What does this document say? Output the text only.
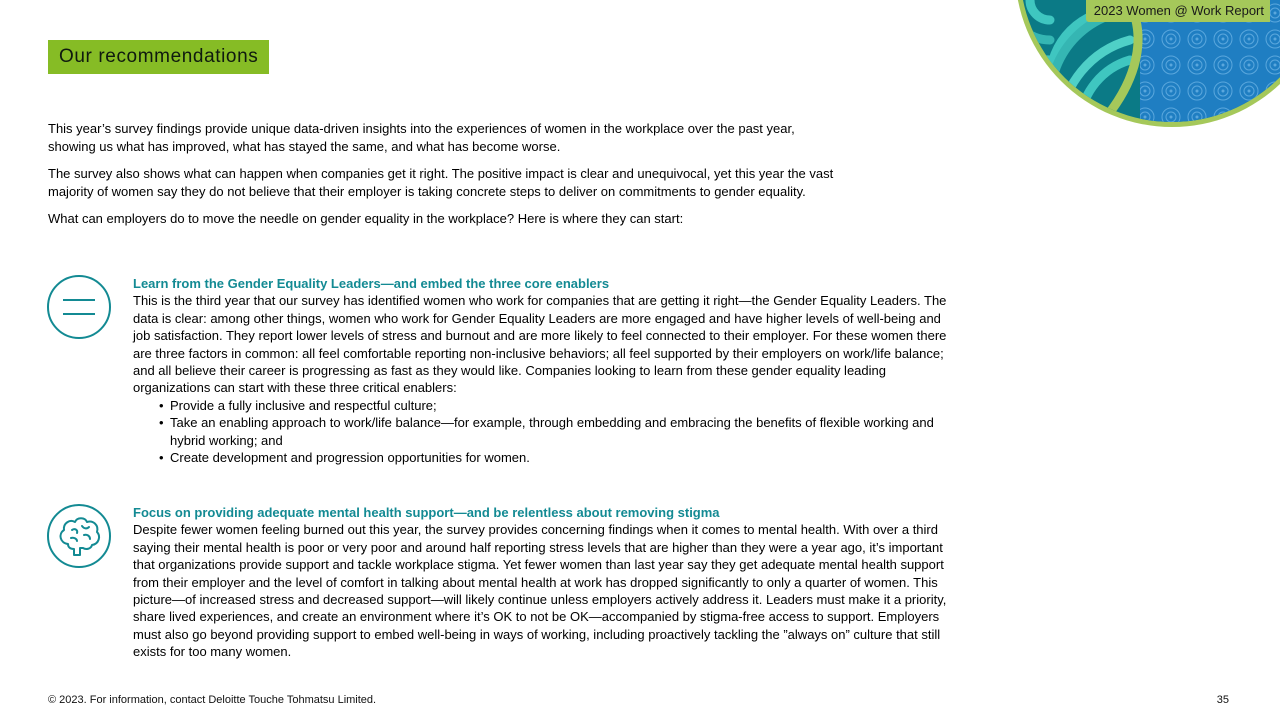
2023 Women @ Work Report
Our recommendations

This year’s survey findings provide unique data-driven insights into the experiences of women in the workplace over the past year, showing us what has improved, what has stayed the same, and what has become worse.

The survey also shows what can happen when companies get it right. The positive impact is clear and unequivocal, yet this year the vast majority of women say they do not believe that their employer is taking concrete steps to deliver on commitments to gender equality.

What can employers do to move the needle on gender equality in the workplace? Here is where they can start:

Learn from the Gender Equality Leaders—and embed the three core enablers

This is the third year that our survey has identified women who work for companies that are getting it right—the Gender Equality Leaders. The data is clear: among other things, women who work for Gender Equality Leaders are more engaged and have higher levels of well-being and job satisfaction. They report lower levels of stress and burnout and are more likely to feel connected to their employer. For these women there are three factors in common: all feel comfortable reporting non-inclusive behaviors; all feel supported by their employers on work/life balance; and all believe their career is progressing as fast as they would like. Companies looking to learn from these gender equality leading organizations can start with these three critical enablers:

• Provide a fully inclusive and respectful culture;
• Take an enabling approach to work/life balance—for example, through embedding and embracing the benefits of flexible working and hybrid working; and
• Create development and progression opportunities for women.
Focus on providing adequate mental health support—and be relentless about removing stigma

Despite fewer women feeling burned out this year, the survey provides concerning findings when it comes to mental health. With over a third saying their mental health is poor or very poor and around half reporting stress levels that are higher than they were a year ago, it’s important that organizations provide support and tackle workplace stigma. Yet fewer women than last year say they get adequate mental health support from their employer and the level of comfort in talking about mental health at work has dropped significantly to only a quarter of women. This picture—of increased stress and decreased support—will likely continue unless employers actively address it. Leaders must make it a priority, share lived experiences, and create an environment where it’s OK to not be OK—accompanied by stigma-free access to support. Employers must also go beyond providing support to embed well-being in ways of working, including proactively tackling the ”always on” culture that still exists for too many women.

© 2023. For information, contact Deloitte Touche Tohmatsu Limited.	35
